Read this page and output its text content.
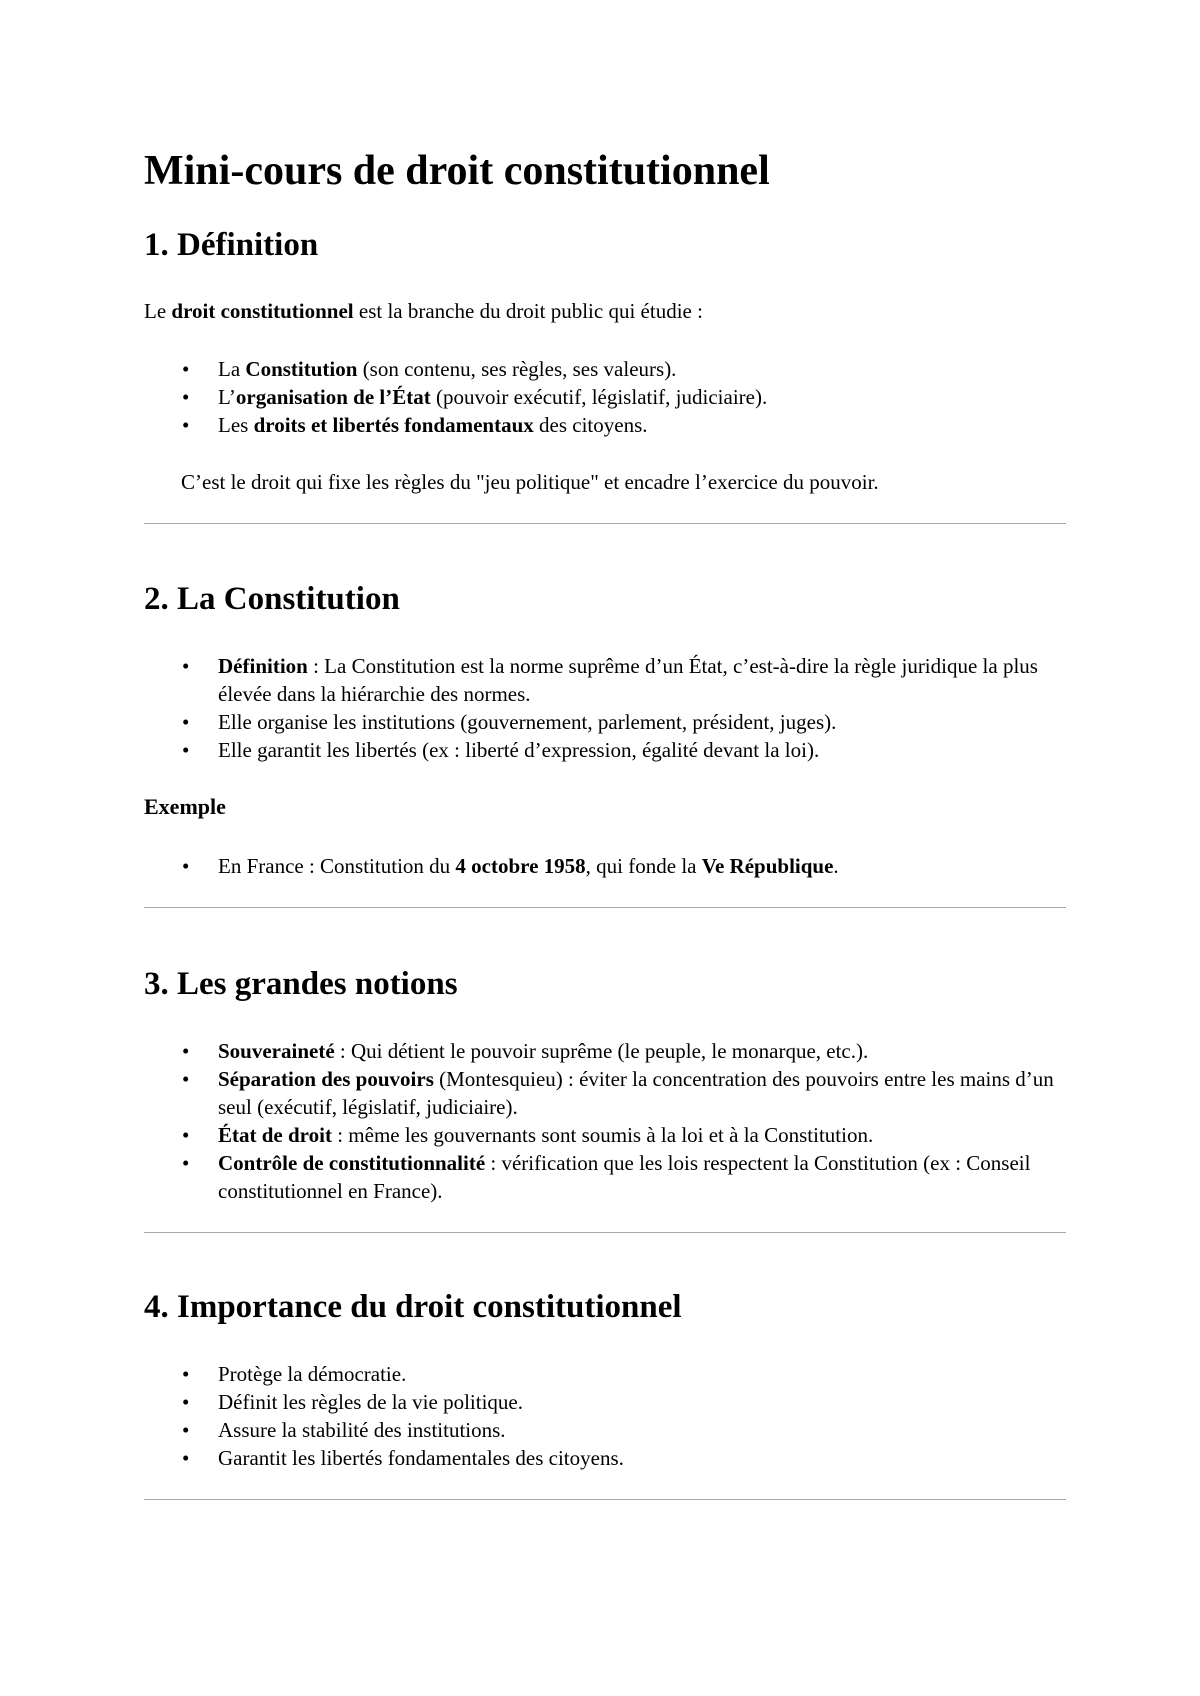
Mini-cours de droit constitutionnel
1. Définition

Le droit constitutionnel est la branche du droit public qui étudie :

• La Constitution (son contenu, ses règles, ses valeurs).
• L’organisation de l’État (pouvoir exécutif, législatif, judiciaire).
• Les droits et libertés fondamentaux des citoyens.

C’est le droit qui fixe les règles du "jeu politique" et encadre l’exercice du pouvoir.

2. La Constitution
• Définition : La Constitution est la norme suprême d’un État, c’est-à-dire la règle juridique la plus élevée dans la hiérarchie des normes.
• Elle organise les institutions (gouvernement, parlement, président, juges).
• Elle garantit les libertés (ex : liberté d’expression, égalité devant la loi).
Exemple
• En France : Constitution du 4 octobre 1958, qui fonde la Ve République.
3. Les grandes notions
• Souveraineté : Qui détient le pouvoir suprême (le peuple, le monarque, etc.).
• Séparation des pouvoirs (Montesquieu) : éviter la concentration des pouvoirs entre les mains d’un seul (exécutif, législatif, judiciaire).
• État de droit : même les gouvernants sont soumis à la loi et à la Constitution.
• Contrôle de constitutionnalité : vérification que les lois respectent la Constitution (ex : Conseil constitutionnel en France).
4. Importance du droit constitutionnel
• Protège la démocratie.
• Définit les règles de la vie politique.
• Assure la stabilité des institutions.
• Garantit les libertés fondamentales des citoyens.
